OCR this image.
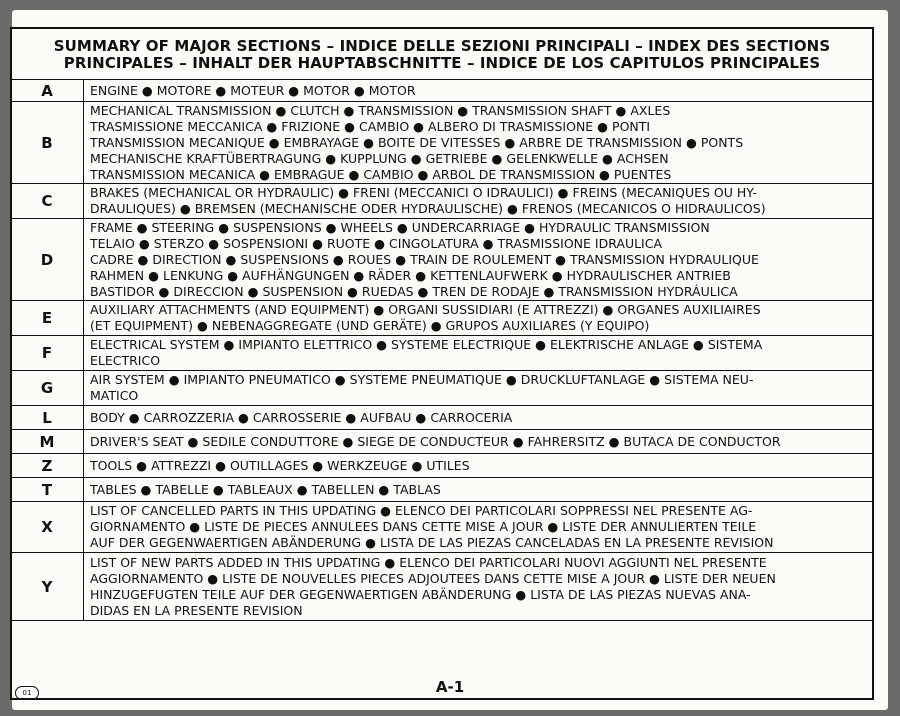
SUMMARY OF MAJOR SECTIONS – INDICE DELLE SEZIONI PRINCIPALI – INDEX DES SECTIONS
PRINCIPALES – INHALT DER HAUPTABSCHNITTE – INDICE DE LOS CAPITULOS PRINCIPALES
A	ENGINE ● MOTORE ● MOTEUR ● MOTOR ● MOTOR

B	MECHANICAL TRANSMISSION ● CLUTCH ● TRANSMISSION ● TRANSMISSION SHAFT ● AXLES
TRASMISSIONE MECCANICA ● FRIZIONE ● CAMBIO ● ALBERO DI TRASMISSIONE ● PONTI
TRANSMISSION MECANIQUE ● EMBRAYAGE ● BOITE DE VITESSES ● ARBRE DE TRANSMISSION ● PONTS
MECHANISCHE KRAFTÜBERTRAGUNG ● KUPPLUNG ● GETRIEBE ● GELENKWELLE ● ACHSEN
TRANSMISSION MECANICA ● EMBRAGUE ● CAMBIO ● ARBOL DE TRANSMISSION ● PUENTES

C	BRAKES (MECHANICAL OR HYDRAULIC) ● FRENI (MECCANICI O IDRAULICI) ● FREINS (MECANIQUES OU HY-
DRAULIQUES) ● BREMSEN (MECHANISCHE ODER HYDRAULISCHE) ● FRENOS (MECANICOS O HIDRAULICOS)

D	FRAME ● STEERING ● SUSPENSIONS ● WHEELS ● UNDERCARRIAGE ● HYDRAULIC TRANSMISSION
TELAIO ● STERZO ● SOSPENSIONI ● RUOTE ● CINGOLATURA ● TRASMISSIONE IDRAULICA
CADRE ● DIRECTION ● SUSPENSIONS ● ROUES ● TRAIN DE ROULEMENT ● TRANSMISSION HYDRAULIQUE
RAHMEN ● LENKUNG ● AUFHÄNGUNGEN ● RÄDER ● KETTENLAUFWERK ● HYDRAULISCHER ANTRIEB
BASTIDOR ● DIRECCION ● SUSPENSION ● RUEDAS ● TREN DE RODAJE ● TRANSMISSION HYDRÁULICA

E	AUXILIARY ATTACHMENTS (AND EQUIPMENT) ● ORGANI SUSSIDIARI (E ATTREZZI) ● ORGANES AUXILIAIRES
(ET EQUIPMENT) ● NEBENAGGREGATE (UND GERÄTE) ● GRUPOS AUXILIARES (Y EQUIPO)

F	ELECTRICAL SYSTEM ● IMPIANTO ELETTRICO ● SYSTEME ELECTRIQUE ● ELEKTRISCHE ANLAGE ● SISTEMA
ELECTRICO

G	AIR SYSTEM ● IMPIANTO PNEUMATICO ● SYSTEME PNEUMATIQUE ● DRUCKLUFTANLAGE ● SISTEMA NEU-
MATICO

L	BODY ● CARROZZERIA ● CARROSSERIE ● AUFBAU ● CARROCERIA

M	DRIVER'S SEAT ● SEDILE CONDUTTORE ● SIEGE DE CONDUCTEUR ● FAHRERSITZ ● BUTACA DE CONDUCTOR

Z	TOOLS ● ATTREZZI ● OUTILLAGES ● WERKZEUGE ● UTILES

T	TABLES ● TABELLE ● TABLEAUX ● TABELLEN ● TABLAS

X	LIST OF CANCELLED PARTS IN THIS UPDATING ● ELENCO DEI PARTICOLARI SOPPRESSI NEL PRESENTE AG-
GIORNAMENTO ● LISTE DE PIECES ANNULEES DANS CETTE MISE A JOUR ● LISTE DER ANNULIERTEN TEILE
AUF DER GEGENWAERTIGEN ABÄNDERUNG ● LISTA DE LAS PIEZAS CANCELADAS EN LA PRESENTE REVISION

Y	LIST OF NEW PARTS ADDED IN THIS UPDATING ● ELENCO DEI PARTICOLARI NUOVI AGGIUNTI NEL PRESENTE
AGGIORNAMENTO ● LISTE DE NOUVELLES PIECES ADJOUTEES DANS CETTE MISE A JOUR ● LISTE DER NEUEN
HINZUGEFUGTEN TEILE AUF DER GEGENWAERTIGEN ABÄNDERUNG ● LISTA DE LAS PIEZAS NUEVAS ANA-
DIDAS EN LA PRESENTE REVISION
01	A-1
